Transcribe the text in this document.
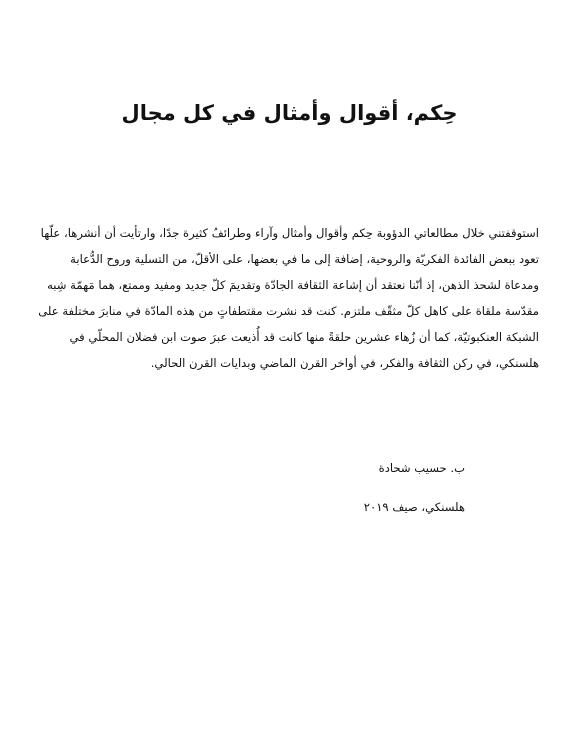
حِكم، أقوال وأمثال في كل مجال
استوقفتني خلال مطالعاتي الدؤوبة حِكم وأقوال وأمثال وآراء وطرائفُ كثيرة جدًا، وارتأيت أن أنشرها، علّها
تعود ببعض الفائدة الفكريّة والروحية، إضافة إلى ما في بعضها، على الأقلّ، من التسلية وروح الدُّعابة
ومدعاة لشحذ الذهن، إذ أنّنا نعتقد أن إشاعة الثقافة الجادّة وتقديمَ كلّ جديد ومفيد وممتع، هما مَهمّة شِبه
مقدّسة ملقاة على كاهل كلّ مثقّف ملتزم. كنت قد نشرت مقتطفاتٍ من هذه المادّة في منابرَ مختلفة على
الشبكة العنكبوتيّة، كما أن زُهاء عشرين حلقةً منها كانت قد أُذيعت عبرَ صوت ابن فضلان المحلّي في
هلسنكي، في ركن الثقافة والفكر، في أواخر القرن الماضي وبدايات القرن الحالي.
ب. حسيب شحادة
هلسنكي، صيف ٢٠١٩
